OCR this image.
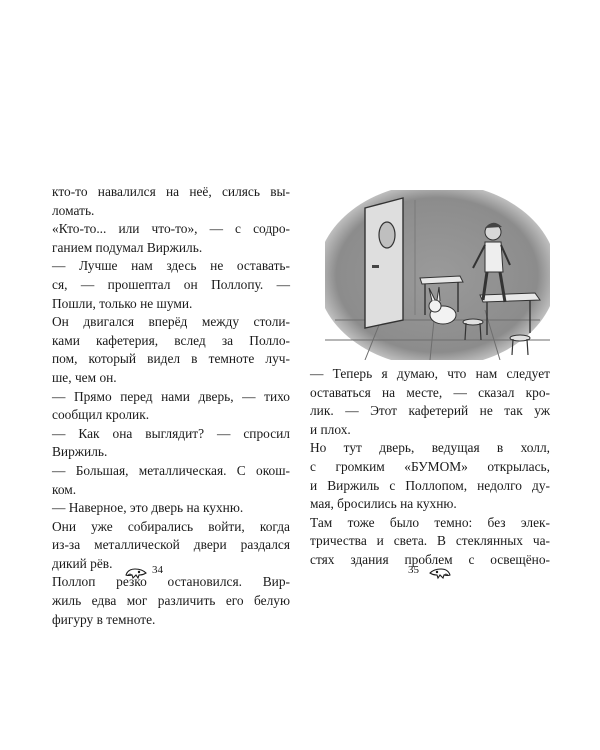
кто-то навалился на неё, силясь вы-
ломать.
«Кто-то... или что-то», — с содро-
ганием подумал Виржиль.
— Лучше нам здесь не оставать-
ся, — прошептал он Поллопу. —
Пошли, только не шуми.
Он двигался вперёд между столи-
ками кафетерия, вслед за Полло-
пом, который видел в темноте луч-
ше, чем он.
— Прямо перед нами дверь, — тихо
сообщил кролик.
— Как она выглядит? — спросил
Виржиль.
— Большая, металлическая. С окош-
ком.
— Наверное, это дверь на кухню.
Они уже собирались войти, когда
из-за металлической двери раздался
дикий рёв.
Поллоп резко остановился. Вир-
жиль едва мог различить его белую
фигуру в темноте.
34
— Теперь я думаю, что нам следует
оставаться на месте, — сказал кро-
лик. — Этот кафетерий не так уж
и плох.
Но тут дверь, ведущая в холл,
с громким «БУМОМ» открылась,
и Виржиль с Поллопом, недолго ду-
мая, бросились на кухню.
Там тоже было темно: без элек-
тричества и света. В стеклянных ча-
стях здания проблем с освещёно-
35
